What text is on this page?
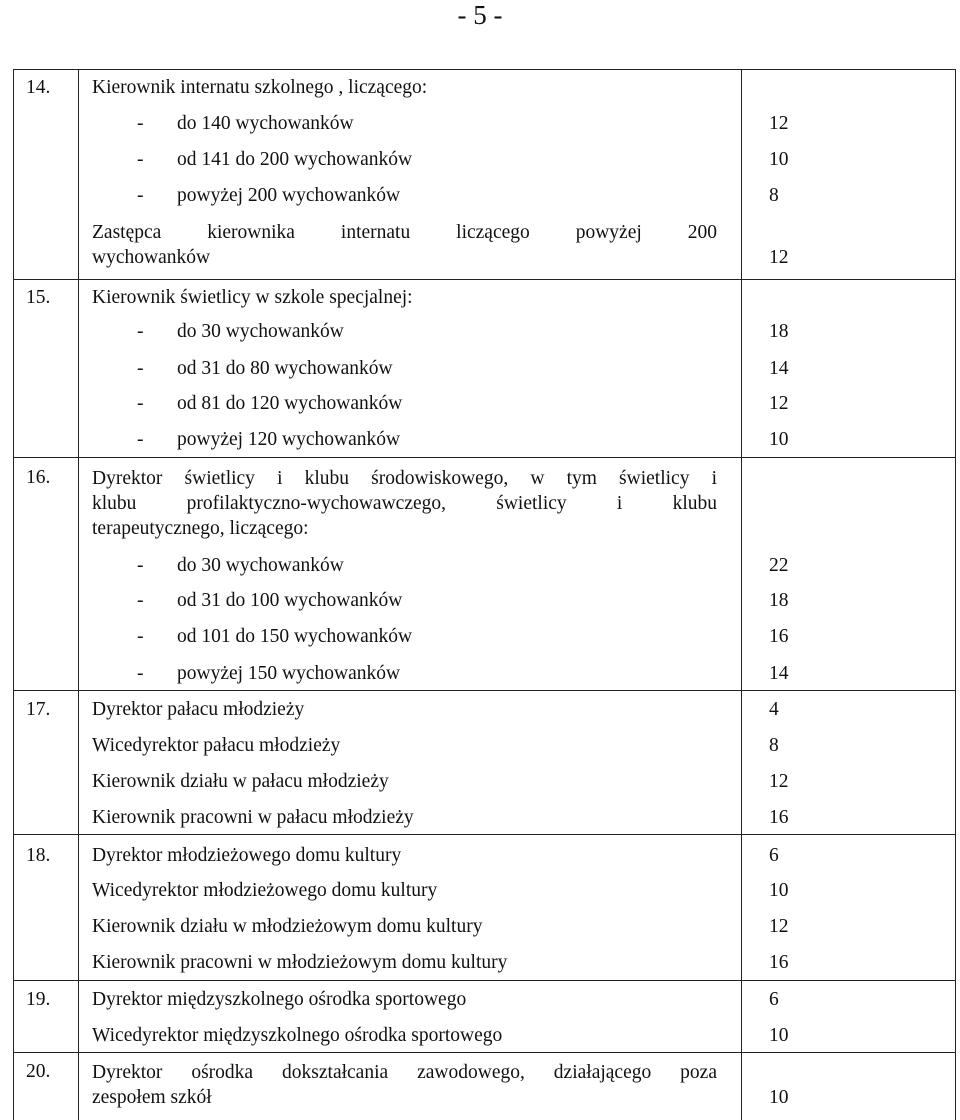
- 5 -
14. Kierownik internatu szkolnego , liczącego:
- do 140 wychowanków	12
- od 141 do 200 wychowanków	10
- powyżej 200 wychowanków	8
Zastępca kierownika internatu liczącego powyżej 200
wychowanków	12
15. Kierownik świetlicy w szkole specjalnej:
- do 30 wychowanków	18
- od 31 do 80 wychowanków	14
- od 81 do 120 wychowanków	12
- powyżej 120 wychowanków	10
16. Dyrektor świetlicy i klubu środowiskowego, w tym świetlicy i
klubu profilaktyczno-wychowawczego, świetlicy i klubu
terapeutycznego, liczącego:
- do 30 wychowanków	22
- od 31 do 100 wychowanków	18
- od 101 do 150 wychowanków	16
- powyżej 150 wychowanków	14
17. Dyrektor pałacu młodzieży	4
Wicedyrektor pałacu młodzieży	8
Kierownik działu w pałacu młodzieży	12
Kierownik pracowni w pałacu młodzieży	16
18. Dyrektor młodzieżowego domu kultury	6
Wicedyrektor młodzieżowego domu kultury	10
Kierownik działu w młodzieżowym domu kultury	12
Kierownik pracowni w młodzieżowym domu kultury	16
19. Dyrektor międzyszkolnego ośrodka sportowego	6
Wicedyrektor międzyszkolnego ośrodka sportowego	10
20. Dyrektor ośrodka dokształcania zawodowego, działającego poza
zespołem szkół	10
